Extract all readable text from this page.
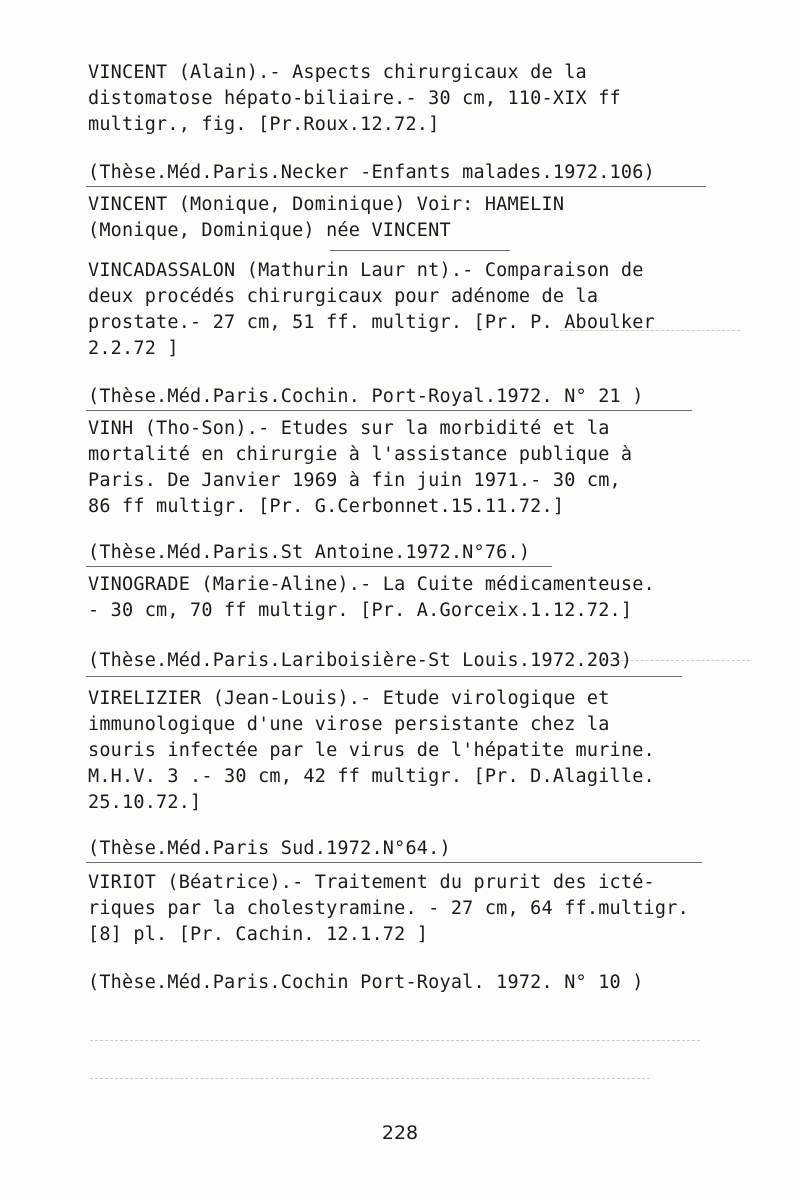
VINCENT (Alain).- Aspects chirurgicaux de la
distomatose hépato-biliaire.- 30 cm, 110-XIX ff
multigr., fig. [Pr.Roux.12.72.]
(Thèse.Méd.Paris.Necker -Enfants malades.1972.106)
VINCENT (Monique, Dominique) Voir: HAMELIN
(Monique, Dominique) née VINCENT
VINCADASSALON (Mathurin Laur nt).- Comparaison de
deux procédés chirurgicaux pour adénome de la
prostate.- 27 cm, 51 ff. multigr. [Pr. P. Aboulker
2.2.72 ]
(Thèse.Méd.Paris.Cochin. Port-Royal.1972. N° 21 )
VINH (Tho-Son).- Etudes sur la morbidité et la
mortalité en chirurgie à l'assistance publique à
Paris. De Janvier 1969 à fin juin 1971.- 30 cm,
86 ff multigr. [Pr. G.Cerbonnet.15.11.72.]
(Thèse.Méd.Paris.St Antoine.1972.N°76.)
VINOGRADE (Marie-Aline).- La Cuite médicamenteuse.
- 30 cm, 70 ff multigr. [Pr. A.Gorceix.1.12.72.]
(Thèse.Méd.Paris.Lariboisière-St Louis.1972.203)
VIRELIZIER (Jean-Louis).- Etude virologique et
immunologique d'une virose persistante chez la
souris infectée par le virus de l'hépatite murine.
M.H.V. 3 .- 30 cm, 42 ff multigr. [Pr. D.Alagille.
25.10.72.]
(Thèse.Méd.Paris Sud.1972.N°64.)
VIRIOT (Béatrice).- Traitement du prurit des icté-
riques par la cholestyramine. - 27 cm, 64 ff.multigr.
[8] pl. [Pr. Cachin. 12.1.72 ]
(Thèse.Méd.Paris.Cochin Port-Royal. 1972. N° 10 )
228
